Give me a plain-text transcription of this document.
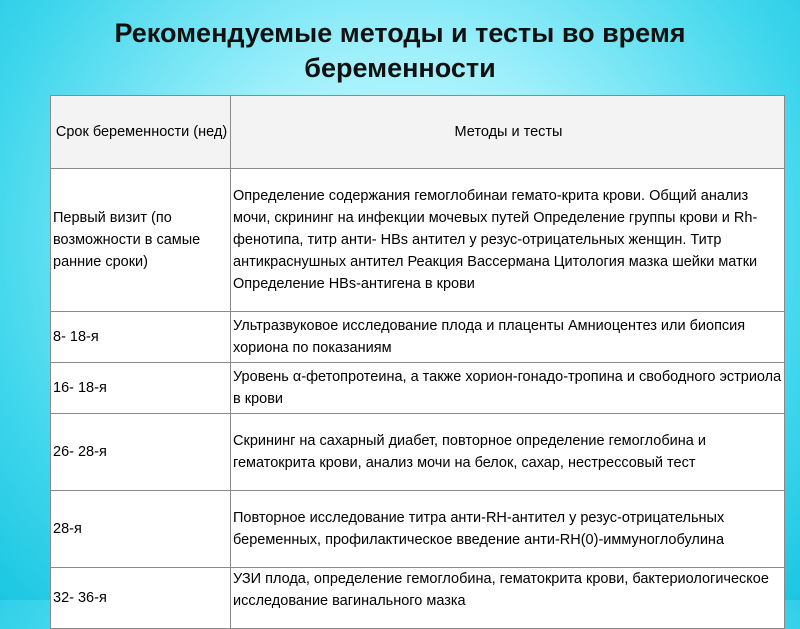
Рекомендуемые методы и тесты во время
беременности
Срок беременности (нед)	Методы и тесты
Первый визит (по возможности в самые ранние сроки)	Определение содержания гемоглобинаи гемато-крита крови. Общий анализ мочи, скрининг на инфекции мочевых путей Определение группы крови и Rh-фенотипа, титр анти- HBs антител у резус-отрицательных женщин. Титр антикраснушных антител Реакция Вассермана Цитология мазка шейки матки Определение HBs-антигена в крови
8- 18-я	Ультразвуковое исследование плода и плаценты Амниоцентез или биопсия хориона по показаниям
16- 18-я	Уровень α-фетопротеина, а также хорион-гонадо-тропина и свободного эстриола в крови
26- 28-я	Скрининг на сахарный диабет, повторное определение гемоглобина и гематокрита крови, анализ мочи на белок, сахар, нестрессовый тест
28-я	Повторное исследование титра анти-RH-антител у резус-отрицательных беременных, профилактическое введение анти-RH(0)-иммуноглобулина
32- 36-я	УЗИ плода, определение гемоглобина, гематокрита крови, бактериологическое исследование вагинального мазка
